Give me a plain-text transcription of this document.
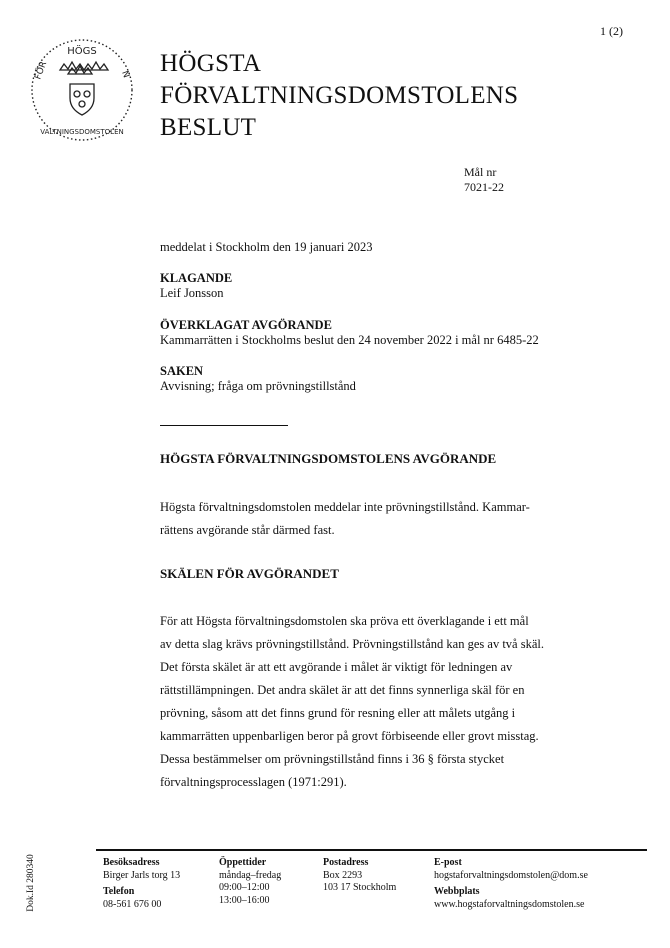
1 (2)
HÖGS
FÖR	N
VALTNINGSDOMSTOLEN
HÖGSTA
FÖRVALTNINGSDOMSTOLENS
BESLUT
Mål nr
7021-22
meddelat i Stockholm den 19 januari 2023
KLAGANDE
Leif Jonsson
ÖVERKLAGAT AVGÖRANDE
Kammarrätten i Stockholms beslut den 24 november 2022 i mål nr 6485-22
SAKEN
Avvisning; fråga om prövningstillstånd
HÖGSTA FÖRVALTNINGSDOMSTOLENS AVGÖRANDE
Högsta förvaltningsdomstolen meddelar inte prövningstillstånd. Kammar-
rättens avgörande står därmed fast.
SKÄLEN FÖR AVGÖRANDET
För att Högsta förvaltningsdomstolen ska pröva ett överklagande i ett mål
av detta slag krävs prövningstillstånd. Prövningstillstånd kan ges av två skäl.
Det första skälet är att ett avgörande i målet är viktigt för ledningen av
rättstillämpningen. Det andra skälet är att det finns synnerliga skäl för en
prövning, såsom att det finns grund för resning eller att målets utgång i
kammarrätten uppenbarligen beror på grovt förbiseende eller grovt misstag.
Dessa bestämmelser om prövningstillstånd finns i 36 § första stycket
förvaltningsprocesslagen (1971:291).
Dok.Id 280340	Besöksadress
Birger Jarls torg 13
Telefon
08-561 676 00
Öppettider
måndag–fredag
09:00–12:00
13:00–16:00
Postadress
Box 2293
103 17 Stockholm
E-post
hogstaforvaltningsdomstolen@dom.se
Webbplats
www.hogstaforvaltningsdomstolen.se
